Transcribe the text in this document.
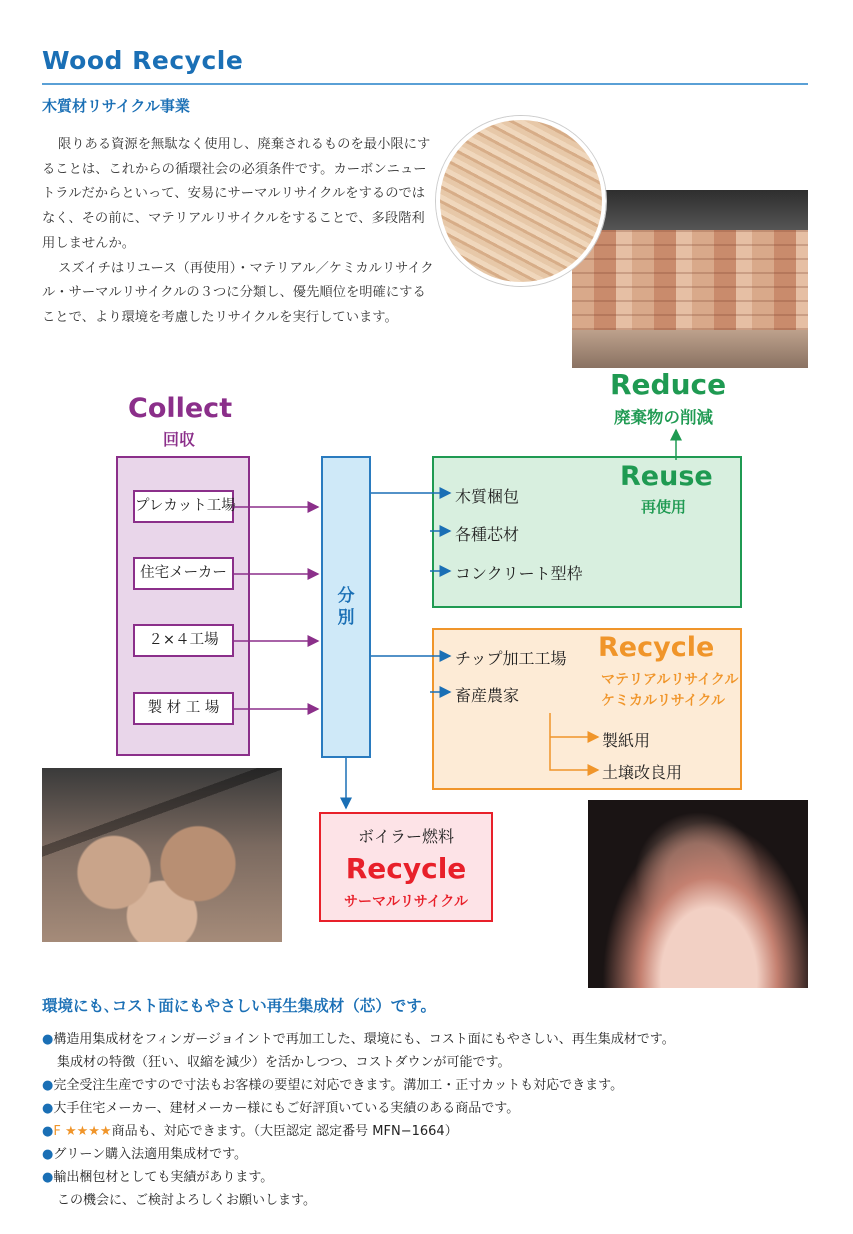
Wood Recycle
木質材リサイクル事業

限りある資源を無駄なく使用し、廃棄されるものを最小限にすることは、これからの循環社会の必須条件です。カーボンニュートラルだからといって、安易にサーマルリサイクルをするのではなく、その前に、マテリアルリサイクルをすることで、多段階利用しませんか。

スズイチはリユース（再使用）・マテリアル／ケミカルリサイクル・サーマルリサイクルの３つに分類し、優先順位を明確にすることで、より環境を考慮したリサイクルを実行しています。

Collect
回収
プレカット工場
住宅メーカー
２×４工場
製 材 工 場
分
別
Reduce
廃棄物の削減
Reuse
再使用
木質梱包
各種芯材
コンクリート型枠
Recycle
マテリアルリサイクル
ケミカルリサイクル
チップ加工工場
畜産農家
製紙用
土壌改良用
ボイラー燃料
Recycle
サーマルリサイクル
環境にも､コスト面にもやさしい再生集成材（芯）です。
●構造用集成材をフィンガージョイントで再加工した、環境にも、コスト面にもやさしい、再生集成材です。
集成材の特徴（狂い、収縮を減少）を活かしつつ、コストダウンが可能です。
●完全受注生産ですので寸法もお客様の要望に対応できます。溝加工・正寸カットも対応できます。
●大手住宅メーカー、建材メーカー様にもご好評頂いている実績のある商品です。
●F ★★★★商品も、対応できます。（大臣認定 認定番号 MFN−1664）
●グリーン購入法適用集成材です。
●輸出梱包材としても実績があります。
この機会に、ご検討よろしくお願いします。
